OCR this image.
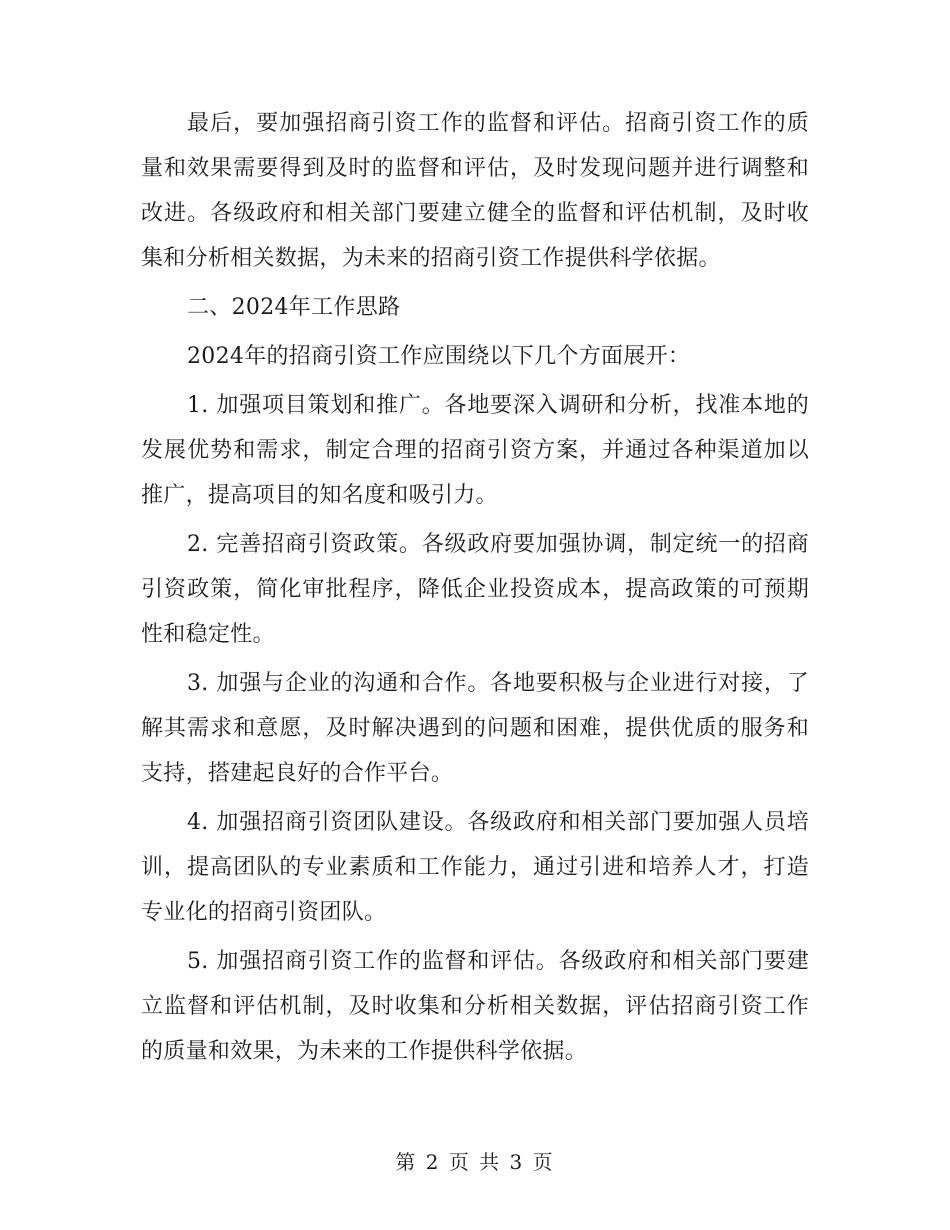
最后，要加强招商引资工作的监督和评估。招商引资工作的质量和效果需要得到及时的监督和评估，及时发现问题并进行调整和改进。各级政府和相关部门要建立健全的监督和评估机制，及时收集和分析相关数据，为未来的招商引资工作提供科学依据。

二、2024年工作思路

2024年的招商引资工作应围绕以下几个方面展开：

1. 加强项目策划和推广。各地要深入调研和分析，找准本地的发展优势和需求，制定合理的招商引资方案，并通过各种渠道加以推广，提高项目的知名度和吸引力。

2. 完善招商引资政策。各级政府要加强协调，制定统一的招商引资政策，简化审批程序，降低企业投资成本，提高政策的可预期性和稳定性。

3. 加强与企业的沟通和合作。各地要积极与企业进行对接，了解其需求和意愿，及时解决遇到的问题和困难，提供优质的服务和支持，搭建起良好的合作平台。

4. 加强招商引资团队建设。各级政府和相关部门要加强人员培训，提高团队的专业素质和工作能力，通过引进和培养人才，打造专业化的招商引资团队。

5. 加强招商引资工作的监督和评估。各级政府和相关部门要建立监督和评估机制，及时收集和分析相关数据，评估招商引资工作的质量和效果，为未来的工作提供科学依据。

第 2 页 共 3 页
